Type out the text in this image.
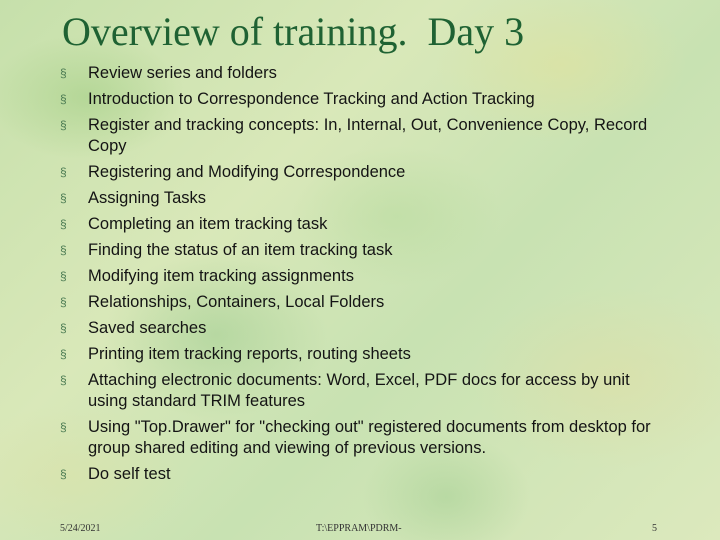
Overview of training.  Day 3
§	Review series and folders
§	Introduction to Correspondence Tracking and Action Tracking
§	Register and tracking concepts: In, Internal, Out, Convenience Copy, Record Copy
§	Registering and Modifying Correspondence
§	Assigning Tasks
§	Completing an item tracking task
§	Finding the status of an item tracking task
§	Modifying item tracking assignments
§	Relationships, Containers, Local Folders
§	Saved searches
§	Printing item tracking reports, routing sheets
§	Attaching electronic documents: Word, Excel, PDF docs for access by unit using standard TRIM features
§	Using "Top.Drawer" for "checking out" registered documents from desktop for group shared editing and viewing of previous versions.
§	Do self test
5/24/2021	T:\EPPRAM\PDRM-	5
